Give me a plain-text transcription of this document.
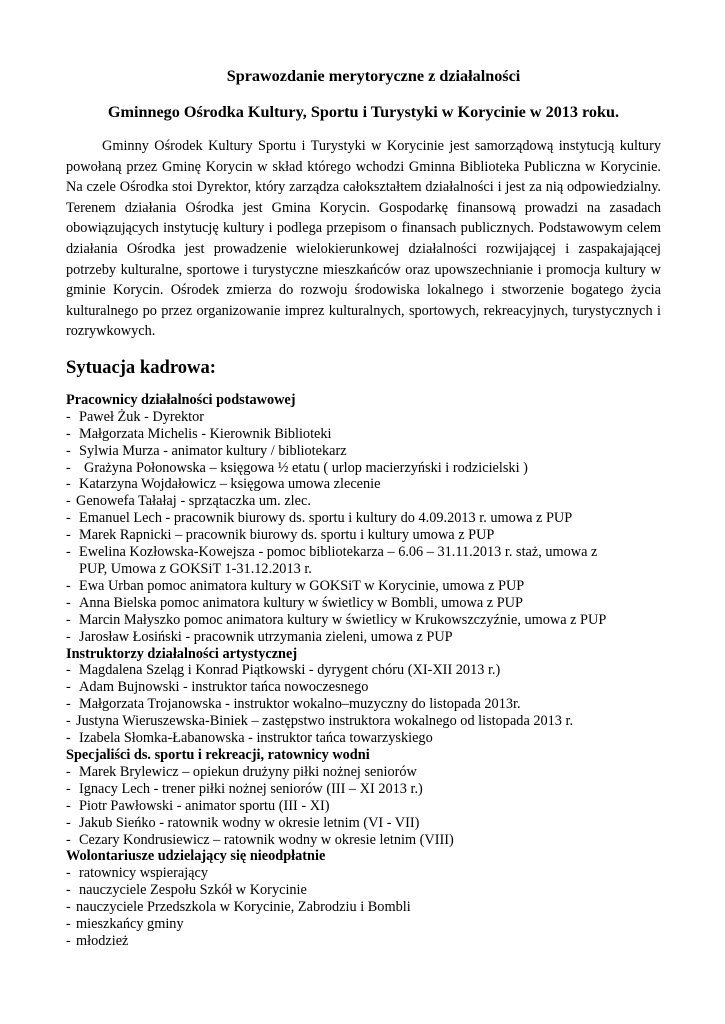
Sprawozdanie merytoryczne z działalności
Gminnego Ośrodka Kultury, Sportu i Turystyki w Korycinie w 2013 roku.

Gminny Ośrodek Kultury Sportu i Turystyki w Korycinie jest samorządową instytucją kultury powołaną przez Gminę Korycin w skład którego wchodzi Gminna Biblioteka Publiczna w Korycinie. Na czele Ośrodka stoi Dyrektor, który zarządza całokształtem działalności i jest za nią odpowiedzialny. Terenem działania Ośrodka jest Gmina Korycin. Gospodarkę finansową prowadzi na zasadach obowiązujących instytucję kultury i podlega przepisom o finansach publicznych. Podstawowym celem działania Ośrodka jest prowadzenie wielokierunkowej działalności rozwijającej i zaspakajającej potrzeby kulturalne, sportowe i turystyczne mieszkańców oraz upowszechnianie i promocja kultury w gminie Korycin. Ośrodek zmierza do rozwoju środowiska lokalnego i stworzenie bogatego życia kulturalnego po przez organizowanie imprez kulturalnych, sportowych, rekreacyjnych, turystycznych i rozrywkowych.

Sytuacja kadrowa:
Pracownicy działalności podstawowej
- Paweł Żuk - Dyrektor
- Małgorzata Michelis - Kierownik Biblioteki
- Sylwia Murza - animator kultury / bibliotekarz
- Grażyna Połonowska – księgowa ½ etatu ( urlop macierzyński i rodzicielski )
- Katarzyna Wojdałowicz – księgowa umowa zlecenie
- Genowefa Tałałaj - sprzątaczka um. zlec.
- Emanuel Lech - pracownik biurowy ds. sportu i kultury do 4.09.2013 r. umowa z PUP
- Marek Rapnicki – pracownik biurowy ds. sportu i kultury umowa z PUP
- Ewelina Kozłowska-Kowejsza - pomoc bibliotekarza – 6.06 – 31.11.2013 r. staż, umowa z
PUP, Umowa z GOKSiT 1-31.12.2013 r.
- Ewa Urban pomoc animatora kultury w GOKSiT w Korycinie, umowa z PUP
- Anna Bielska pomoc animatora kultury w świetlicy w Bombli, umowa z PUP
- Marcin Małyszko pomoc animatora kultury w świetlicy w Krukowszczyźnie, umowa z PUP
- Jarosław Łosiński - pracownik utrzymania zieleni, umowa z PUP
Instruktorzy działalności artystycznej
- Magdalena Szeląg i Konrad Piątkowski - dyrygent chóru (XI-XII 2013 r.)
- Adam Bujnowski - instruktor tańca nowoczesnego
- Małgorzata Trojanowska - instruktor wokalno–muzyczny do listopada 2013r.
- Justyna Wieruszewska-Biniek – zastępstwo instruktora wokalnego od listopada 2013 r.
- Izabela Słomka-Łabanowska - instruktor tańca towarzyskiego
Specjaliści ds. sportu i rekreacji, ratownicy wodni
- Marek Brylewicz – opiekun drużyny piłki nożnej seniorów
- Ignacy Lech - trener piłki nożnej seniorów (III – XI 2013 r.)
- Piotr Pawłowski - animator sportu (III - XI)
- Jakub Sieńko - ratownik wodny w okresie letnim (VI - VII)
- Cezary Kondrusiewicz – ratownik wodny w okresie letnim (VIII)
Wolontariusze udzielający się nieodpłatnie
- ratownicy wspierający
- nauczyciele Zespołu Szkół w Korycinie
- nauczyciele Przedszkola w Korycinie, Zabrodziu i Bombli
- mieszkańcy gminy
- młodzież
